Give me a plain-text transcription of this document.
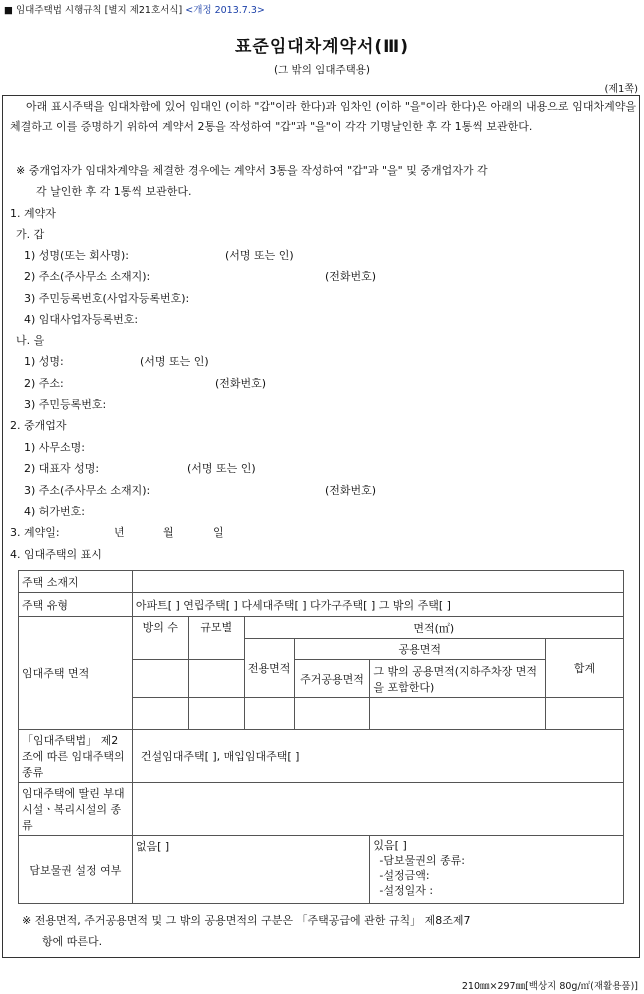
■ 임대주택법 시행규칙 [별지 제21호서식] <개정 2013.7.3>
표준임대차계약서(Ⅲ)
(그 밖의 임대주택용)
(제1쪽)
아래 표시주택을 임대차함에 있어 임대인 (이하 "갑"이라 한다)과 임차인 (이하 "을"이라 한다)은 아래의 내용으로 임대차계약을 체결하고 이를 증명하기 위하여 계약서 2통을 작성하여 "갑"과 "을"이 각각 기명날인한 후 각 1통씩 보관한다.
※ 중개업자가 임대차계약을 체결한 경우에는 계약서 3통을 작성하여 "갑"과 "을" 및 중개업자가 각
각 날인한 후 각 1통씩 보관한다.
1. 계약자
가. 갑
1) 성명(또는 회사명):	(서명 또는 인)
2) 주소(주사무소 소재지):	(전화번호)
3) 주민등록번호(사업자등록번호):
4) 임대사업자등록번호:
나. 을
1) 성명:	(서명 또는 인)
2) 주소:	(전화번호)
3) 주민등록번호:
2. 중개업자
1) 사무소명:
2) 대표자 성명:	(서명 또는 인)
3) 주소(주사무소 소재지):	(전화번호)
4) 허가번호:
3. 계약일:	년	월	일
4. 임대주택의 표시
주택 소재지						
주택 유형	아파트[ ] 연립주택[ ] 다세대주택[ ] 다가구주택[ ] 그 밖의 주택[ ]					
임대주택 면적	방의 수	규모별	면적(㎡)			
			전용면적	공용면적		합계
				주거공용면적	그 밖의 공용면적(지하주차장 면적을 포함한다)	

「임대주택법」 제2조에 따른 임대주택의 종류	건설임대주택[ ], 매입임대주택[ ]					
임대주택에 딸린 부대시설ㆍ복리시설의 종류						
담보물권 설정 여부	없음[ ]				있음[ ]
-담보물권의 종류:
-설정금액:
-설정일자 :	
※ 전용면적, 주거공용면적 및 그 밖의 공용면적의 구분은 「주택공급에 관한 규칙」 제8조제7
항에 따른다.
210㎜×297㎜[백상지 80g/㎡(재활용품)]
